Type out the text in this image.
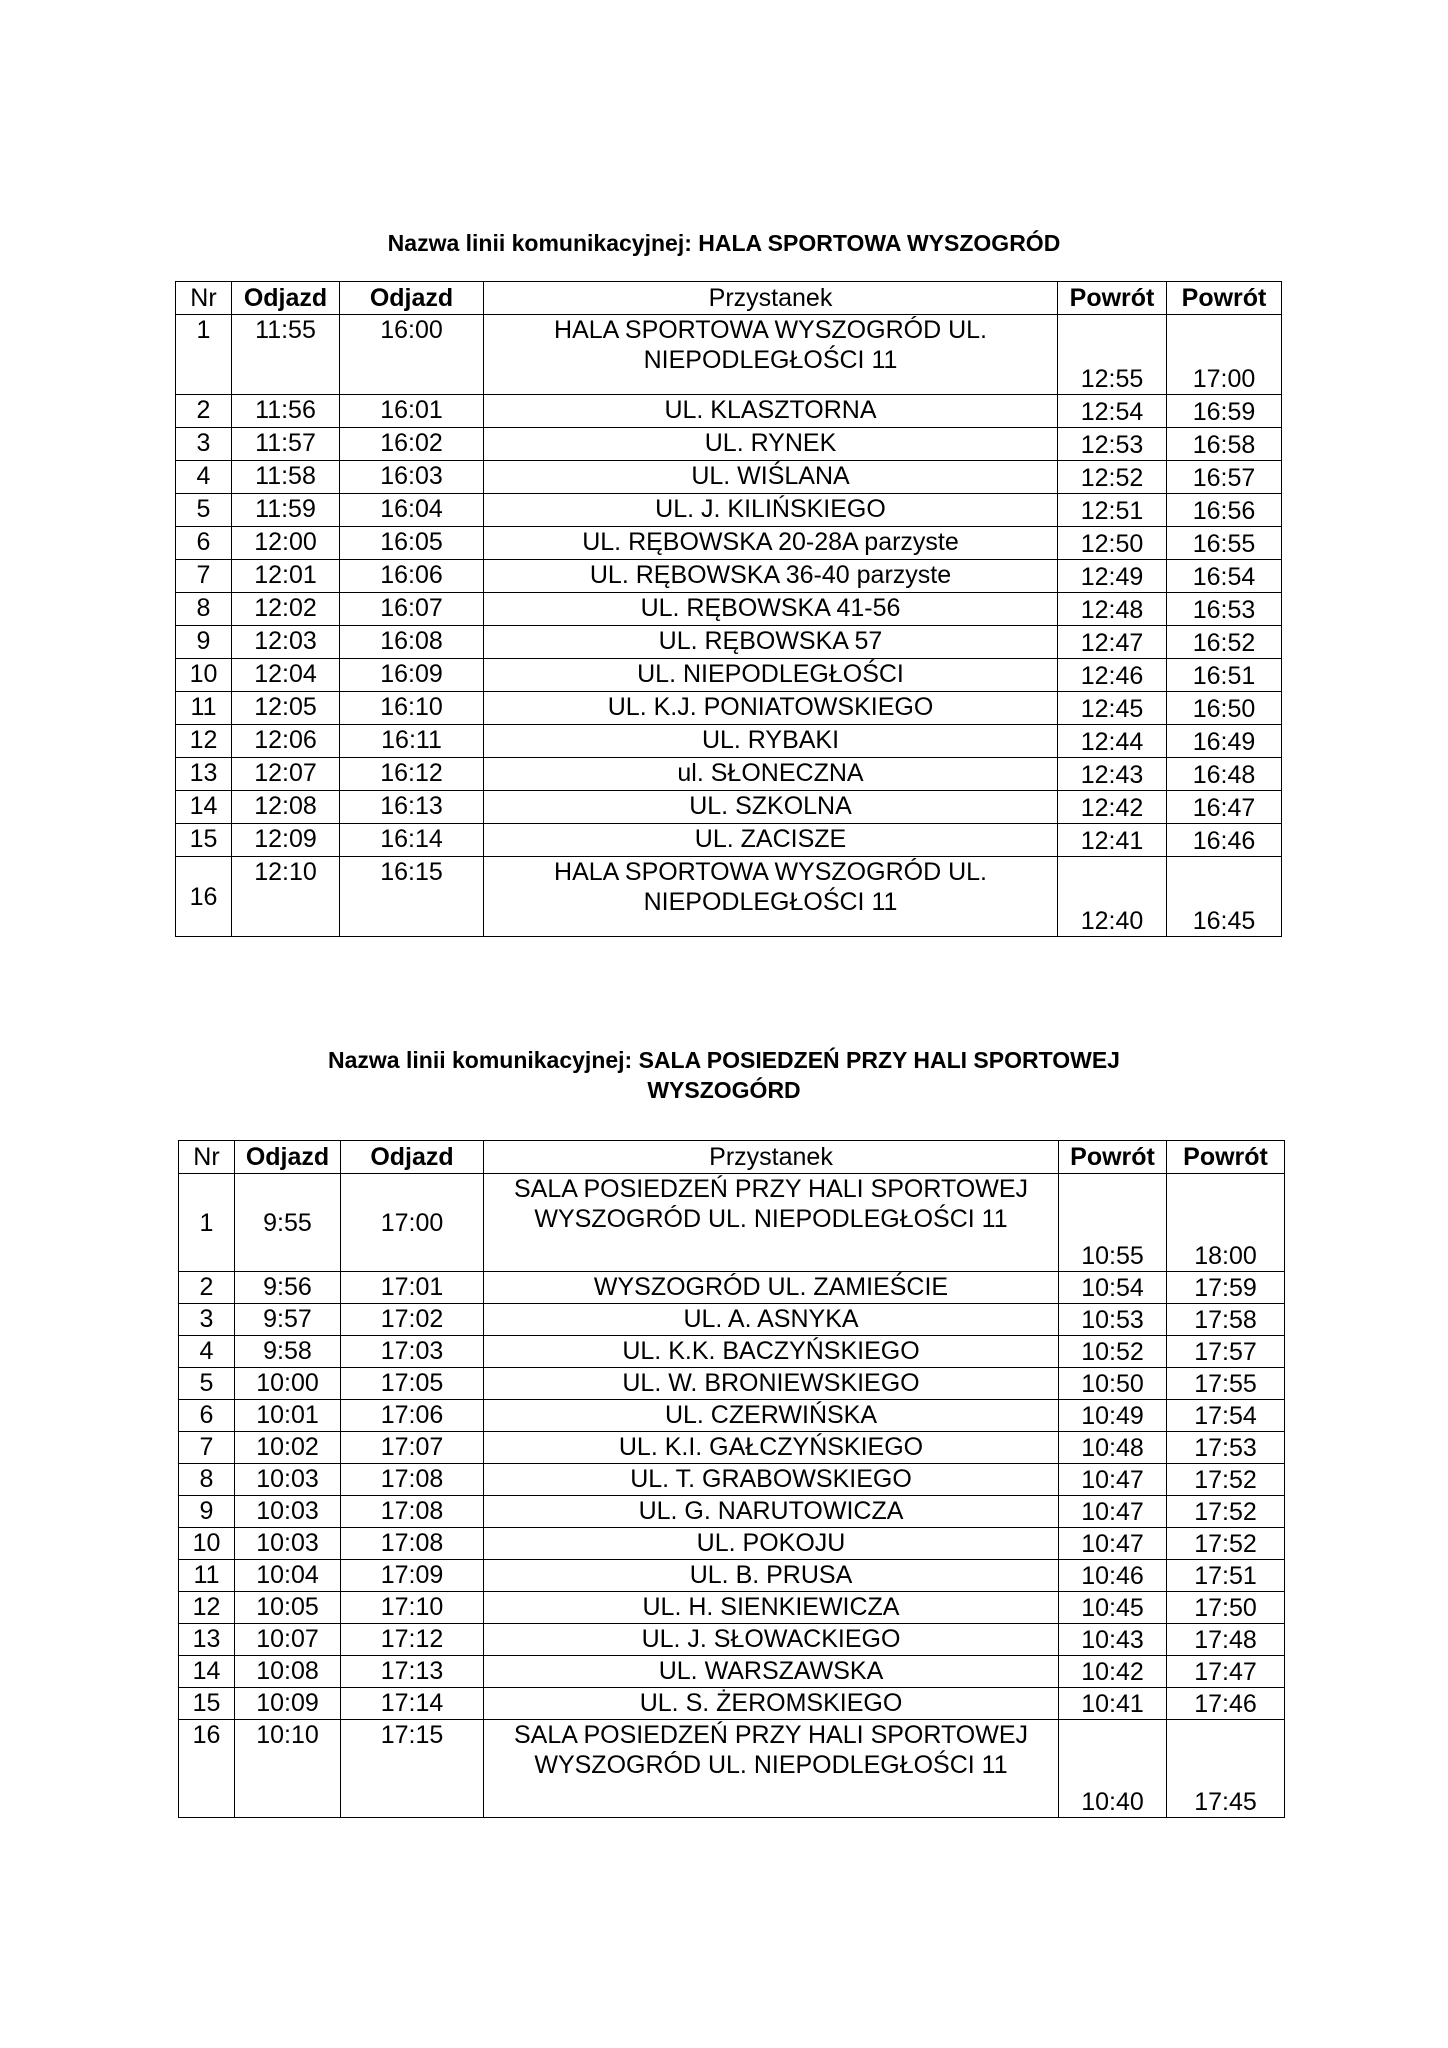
Nazwa linii komunikacyjnej: HALA SPORTOWA WYSZOGRÓD
Nr	Odjazd	Odjazd	Przystanek	Powrót	Powrót
1	11:55	16:00	HALA SPORTOWA WYSZOGRÓD UL. NIEPODLEGŁOŚCI 11	12:55	17:00
2	11:56	16:01	UL. KLASZTORNA	12:54	16:59
3	11:57	16:02	UL. RYNEK	12:53	16:58
4	11:58	16:03	UL. WIŚLANA	12:52	16:57
5	11:59	16:04	UL. J. KILIŃSKIEGO	12:51	16:56
6	12:00	16:05	UL. RĘBOWSKA 20-28A parzyste	12:50	16:55
7	12:01	16:06	UL. RĘBOWSKA 36-40 parzyste	12:49	16:54
8	12:02	16:07	UL. RĘBOWSKA 41-56	12:48	16:53
9	12:03	16:08	UL. RĘBOWSKA 57	12:47	16:52
10	12:04	16:09	UL. NIEPODLEGŁOŚCI	12:46	16:51
11	12:05	16:10	UL. K.J. PONIATOWSKIEGO	12:45	16:50
12	12:06	16:11	UL. RYBAKI	12:44	16:49
13	12:07	16:12	ul. SŁONECZNA	12:43	16:48
14	12:08	16:13	UL. SZKOLNA	12:42	16:47
15	12:09	16:14	UL. ZACISZE	12:41	16:46
16	12:10	16:15	HALA SPORTOWA WYSZOGRÓD UL. NIEPODLEGŁOŚCI 11	12:40	16:45
Nazwa linii komunikacyjnej: SALA POSIEDZEŃ PRZY HALI SPORTOWEJ
WYSZOGÓRD
Nr	Odjazd	Odjazd	Przystanek	Powrót	Powrót
1	9:55	17:00	SALA POSIEDZEŃ PRZY HALI SPORTOWEJ WYSZOGRÓD UL. NIEPODLEGŁOŚCI 11	10:55	18:00
2	9:56	17:01	WYSZOGRÓD UL. ZAMIEŚCIE	10:54	17:59
3	9:57	17:02	UL. A. ASNYKA	10:53	17:58
4	9:58	17:03	UL. K.K. BACZYŃSKIEGO	10:52	17:57
5	10:00	17:05	UL. W. BRONIEWSKIEGO	10:50	17:55
6	10:01	17:06	UL. CZERWIŃSKA	10:49	17:54
7	10:02	17:07	UL. K.I. GAŁCZYŃSKIEGO	10:48	17:53
8	10:03	17:08	UL. T. GRABOWSKIEGO	10:47	17:52
9	10:03	17:08	UL. G. NARUTOWICZA	10:47	17:52
10	10:03	17:08	UL. POKOJU	10:47	17:52
11	10:04	17:09	UL. B. PRUSA	10:46	17:51
12	10:05	17:10	UL. H. SIENKIEWICZA	10:45	17:50
13	10:07	17:12	UL. J. SŁOWACKIEGO	10:43	17:48
14	10:08	17:13	UL. WARSZAWSKA	10:42	17:47
15	10:09	17:14	UL. S. ŻEROMSKIEGO	10:41	17:46
16	10:10	17:15	SALA POSIEDZEŃ PRZY HALI SPORTOWEJ WYSZOGRÓD UL. NIEPODLEGŁOŚCI 11	10:40	17:45
